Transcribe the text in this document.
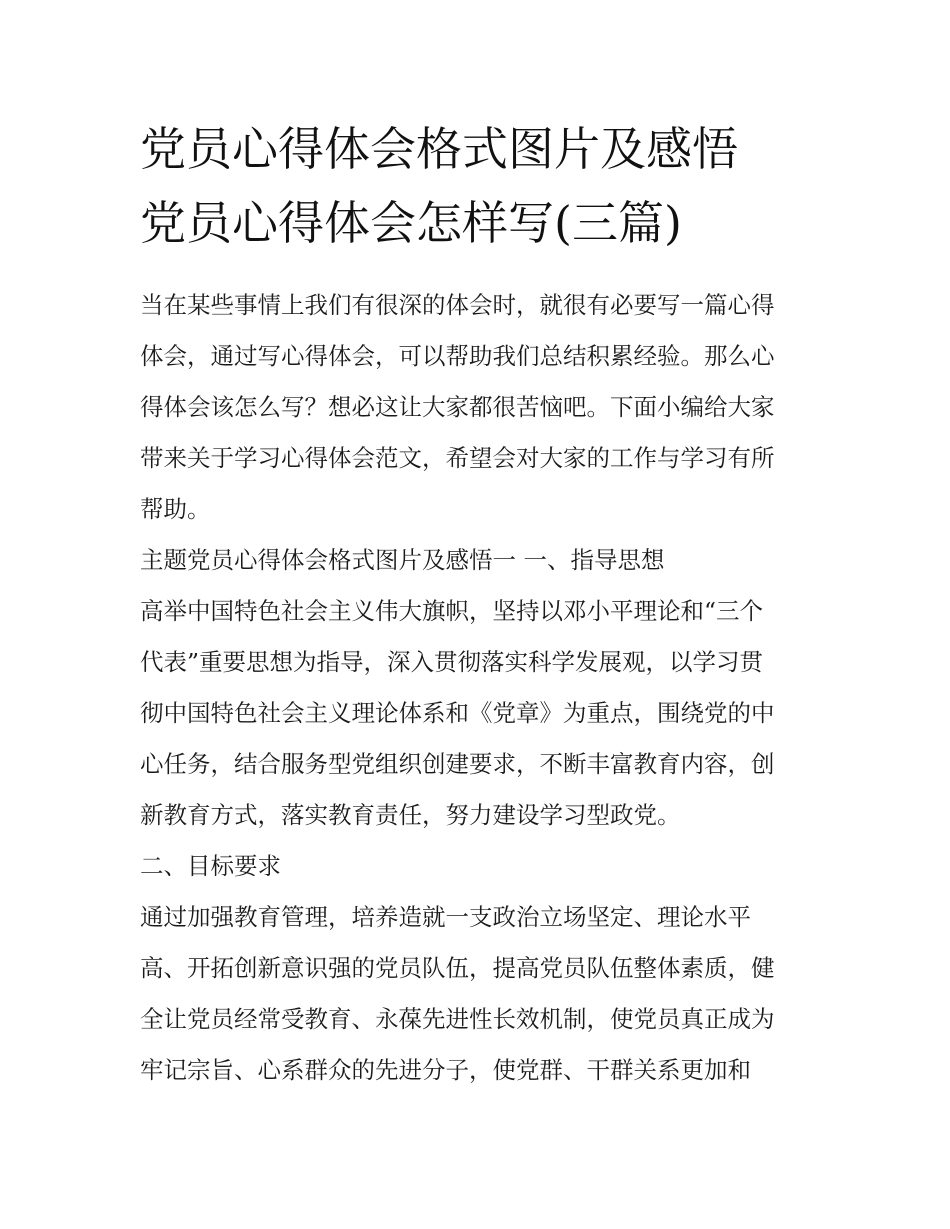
党员心得体会格式图片及感悟
党员心得体会怎样写(三篇)
当在某些事情上我们有很深的体会时，就很有必要写一篇心得
体会，通过写心得体会，可以帮助我们总结积累经验。那么心
得体会该怎么写？想必这让大家都很苦恼吧。下面小编给大家
带来关于学习心得体会范文，希望会对大家的工作与学习有所
帮助。
主题党员心得体会格式图片及感悟一 一、指导思想
高举中国特色社会主义伟大旗帜，坚持以邓小平理论和“三个
代表”重要思想为指导，深入贯彻落实科学发展观，以学习贯
彻中国特色社会主义理论体系和《党章》为重点，围绕党的中
心任务，结合服务型党组织创建要求，不断丰富教育内容，创
新教育方式，落实教育责任，努力建设学习型政党。
二、目标要求
通过加强教育管理，培养造就一支政治立场坚定、理论水平
高、开拓创新意识强的党员队伍，提高党员队伍整体素质，健
全让党员经常受教育、永葆先进性长效机制，使党员真正成为
牢记宗旨、心系群众的先进分子，使党群、干群关系更加和
